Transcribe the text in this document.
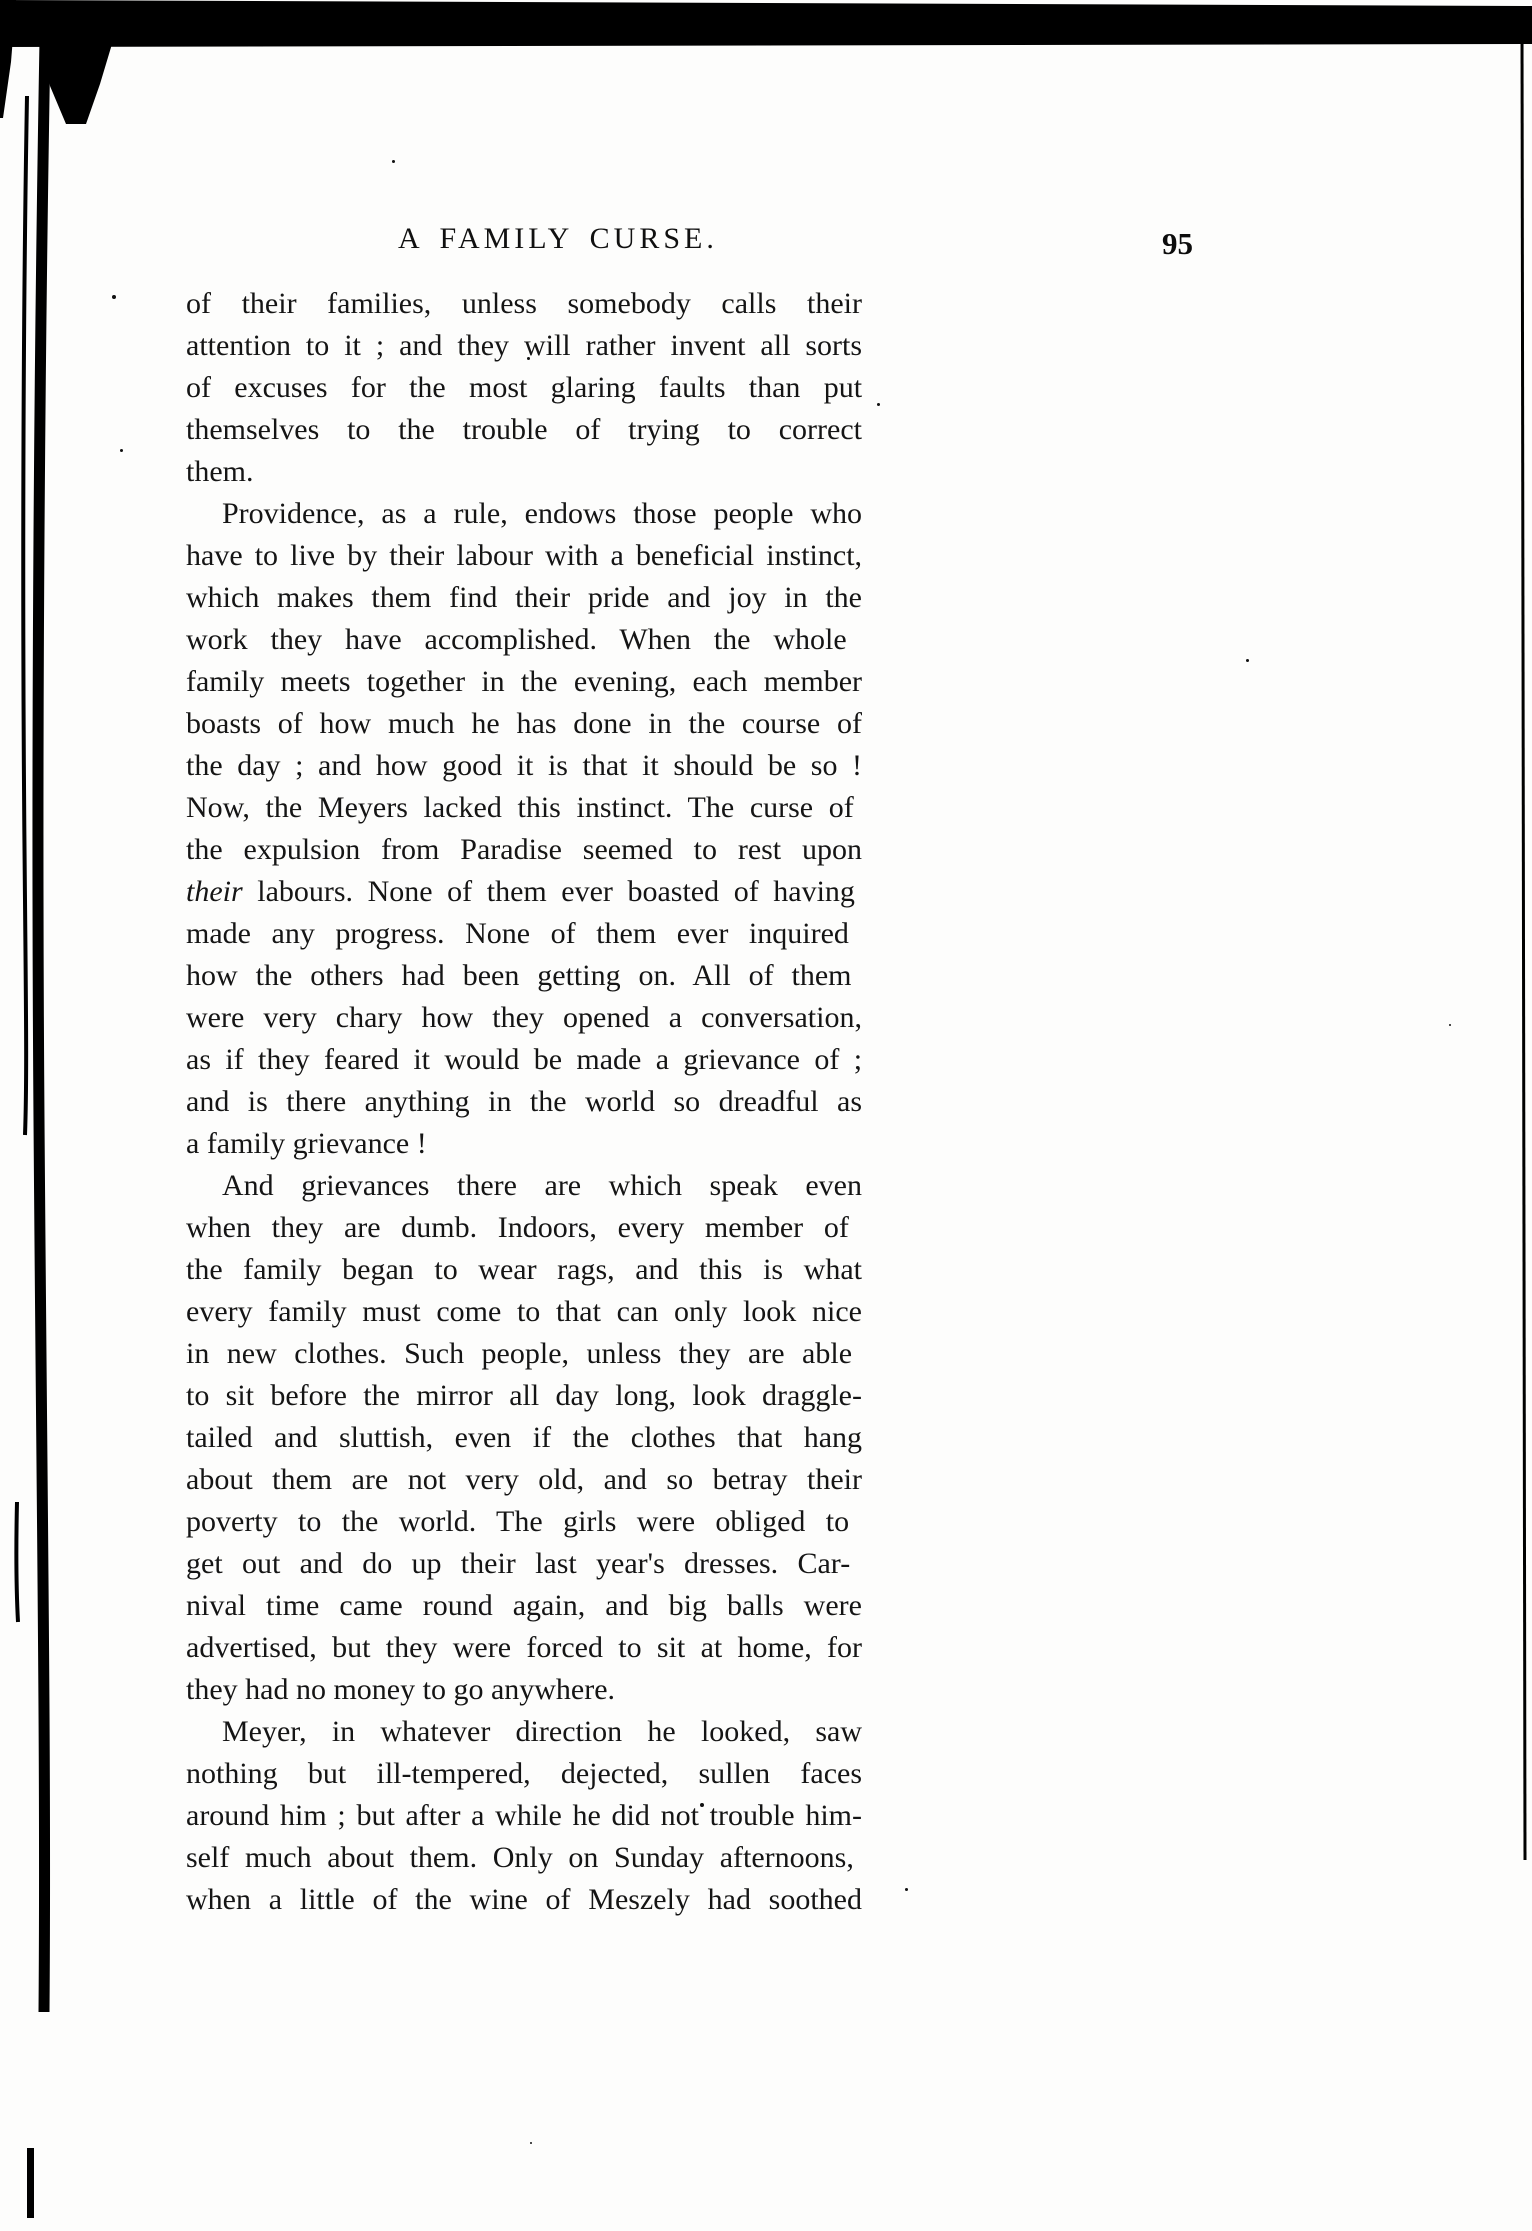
A FAMILY CURSE.	95
of their families, unless somebody calls their
attention to it ; and they will rather invent all sorts
of excuses for the most glaring faults than put
themselves to the trouble of trying to correct
them.
Providence, as a rule, endows those people who
have to live by their labour with a beneficial instinct,
which makes them find their pride and joy in the
work they have accomplished. When the whole
family meets together in the evening, each member
boasts of how much he has done in the course of
the day ; and how good it is that it should be so !
Now, the Meyers lacked this instinct. The curse of
the expulsion from Paradise seemed to rest upon
their labours. None of them ever boasted of having
made any progress. None of them ever inquired
how the others had been getting on. All of them
were very chary how they opened a conversation,
as if they feared it would be made a grievance of ;
and is there anything in the world so dreadful as
a family grievance !
And grievances there are which speak even
when they are dumb. Indoors, every member of
the family began to wear rags, and this is what
every family must come to that can only look nice
in new clothes. Such people, unless they are able
to sit before the mirror all day long, look draggle-
tailed and sluttish, even if the clothes that hang
about them are not very old, and so betray their
poverty to the world. The girls were obliged to
get out and do up their last year's dresses. Car-
nival time came round again, and big balls were
advertised, but they were forced to sit at home, for
they had no money to go anywhere.
Meyer, in whatever direction he looked, saw
nothing but ill-tempered, dejected, sullen faces
around him ; but after a while he did not trouble him-
self much about them. Only on Sunday afternoons,
when a little of the wine of Meszely had soothed
